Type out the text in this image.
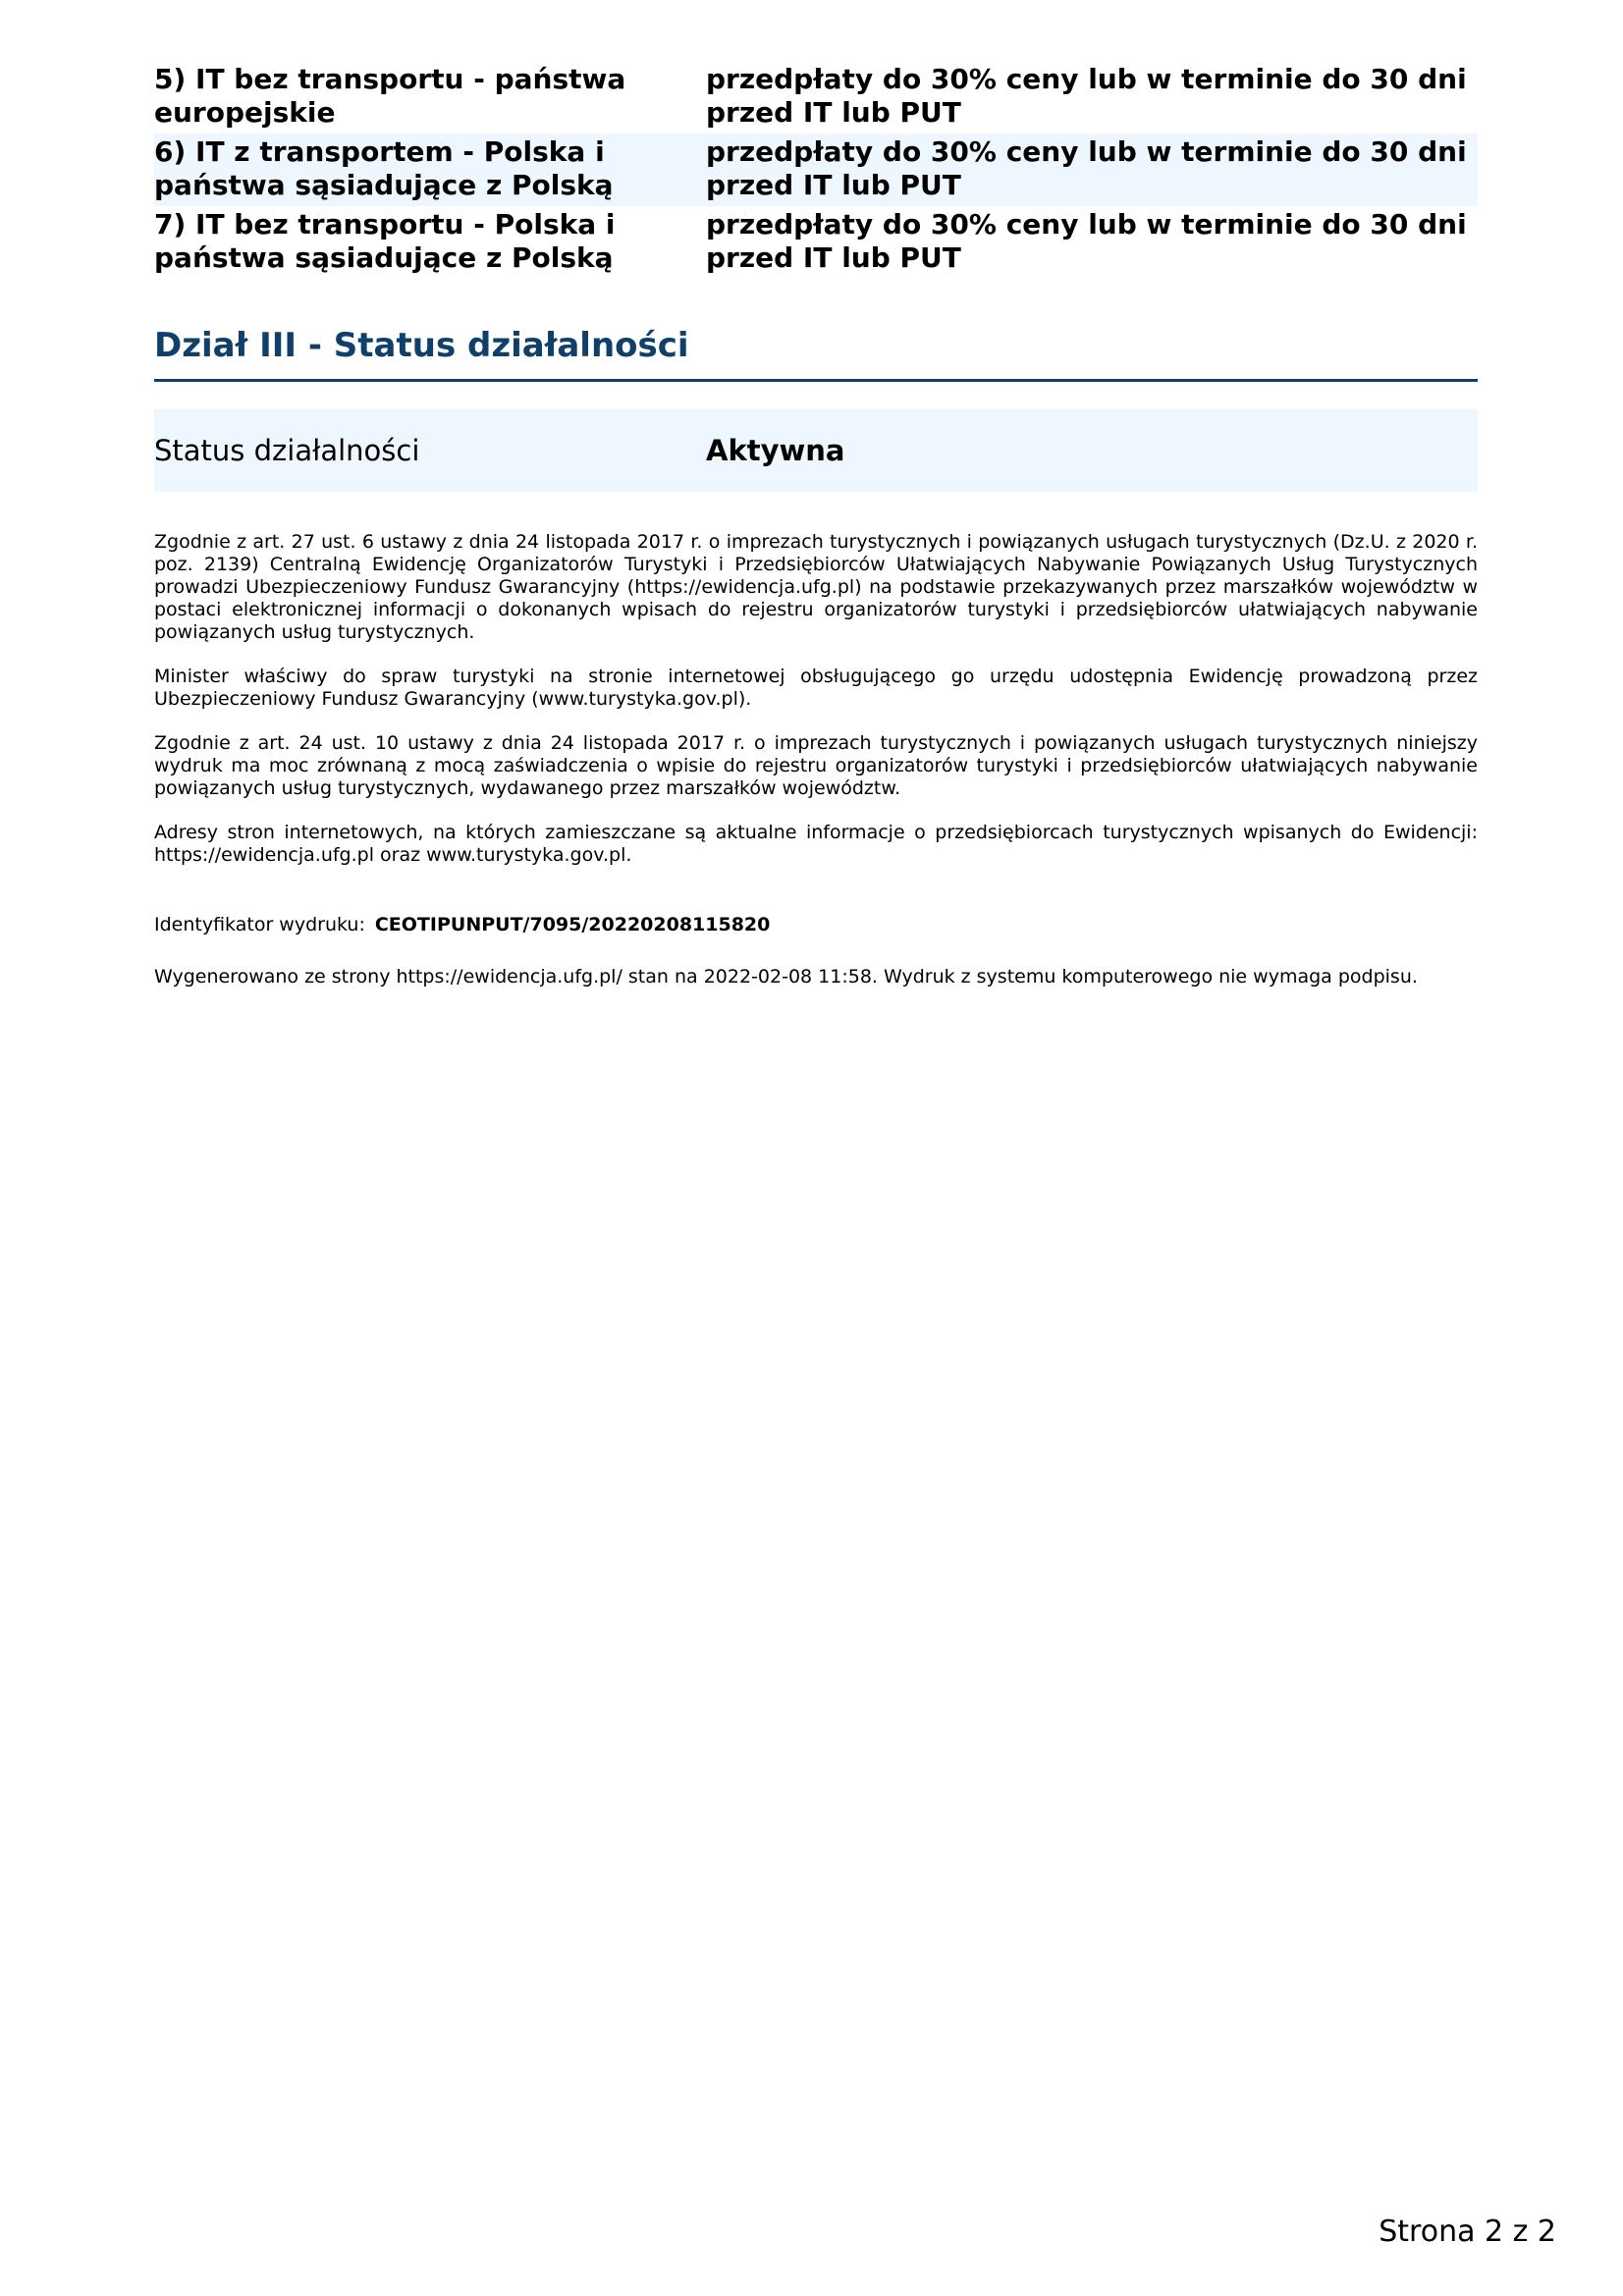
5) IT bez transportu - państwa europejskie
przedpłaty do 30% ceny lub w terminie do 30 dni przed IT lub PUT
6) IT z transportem - Polska i państwa sąsiadujące z Polską
przedpłaty do 30% ceny lub w terminie do 30 dni przed IT lub PUT
7) IT bez transportu - Polska i państwa sąsiadujące z Polską
przedpłaty do 30% ceny lub w terminie do 30 dni przed IT lub PUT
Dział III - Status działalności
Status działalności	Aktywna

Zgodnie z art. 27 ust. 6 ustawy z dnia 24 listopada 2017 r. o imprezach turystycznych i powiązanych usługach turystycznych (Dz.U. z 2020 r. poz. 2139) Centralną Ewidencję Organizatorów Turystyki i Przedsiębiorców Ułatwiających Nabywanie Powiązanych Usług Turystycznych prowadzi Ubezpieczeniowy Fundusz Gwarancyjny (https://ewidencja.ufg.pl) na podstawie przekazywanych przez marszałków województw w postaci elektronicznej informacji o dokonanych wpisach do rejestru organizatorów turystyki i przedsiębiorców ułatwiających nabywanie powiązanych usług turystycznych.

Minister właściwy do spraw turystyki na stronie internetowej obsługującego go urzędu udostępnia Ewidencję prowadzoną przez Ubezpieczeniowy Fundusz Gwarancyjny (www.turystyka.gov.pl).

Zgodnie z art. 24 ust. 10 ustawy z dnia 24 listopada 2017 r. o imprezach turystycznych i powiązanych usługach turystycznych niniejszy wydruk ma moc zrównaną z mocą zaświadczenia o wpisie do rejestru organizatorów turystyki i przedsiębiorców ułatwiających nabywanie powiązanych usług turystycznych, wydawanego przez marszałków województw.

Adresy stron internetowych, na których zamieszczane są aktualne informacje o przedsiębiorcach turystycznych wpisanych do Ewidencji: https://ewidencja.ufg.pl oraz www.turystyka.gov.pl.

Identyfikator wydruku: CEOTIPUNPUT/7095/20220208115820
Wygenerowano ze strony https://ewidencja.ufg.pl/ stan na 2022-02-08 11:58. Wydruk z systemu komputerowego nie wymaga podpisu.
Strona 2 z 2
